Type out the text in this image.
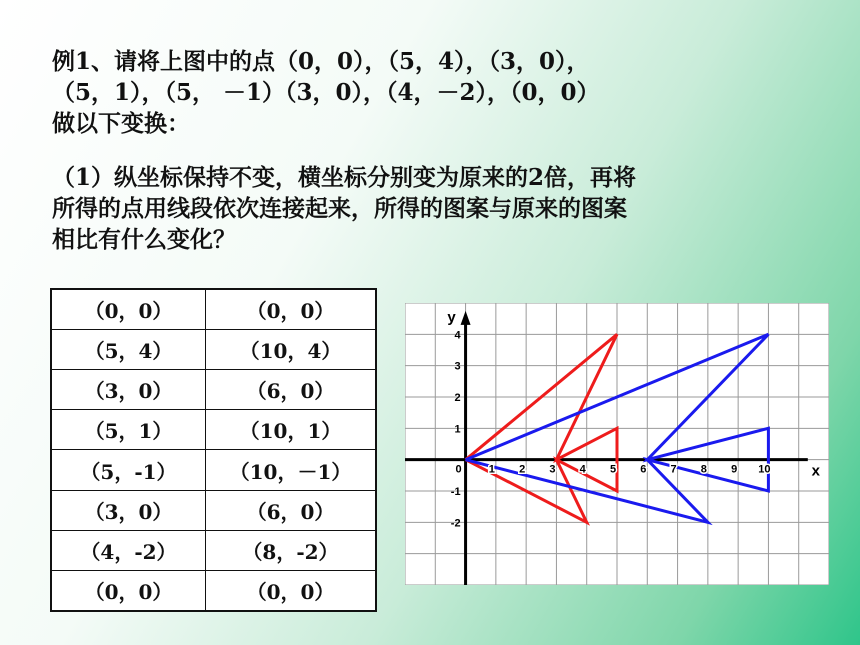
例1、请将上图中的点（0，0），（5，4），（3，0），
（5，1），（5， －1）（3，0），（4，－2），（0，0）
做以下变换：
（1）纵坐标保持不变，横坐标分别变为原来的2倍，再将
所得的点用线段依次连接起来，所得的图案与原来的图案
相比有什么变化？
（0，0）	（0，0）
（5，4）	（10，4）
（3，0）	（6，0）
（5，1）	（10，1）
（5，-1）	（10，－1）
（3，0）	（6，0）
（4，-2）	（8，-2）
（0，0）	（0，0）
0 1 2 3 4 5 6 7 8 9 10
4
3
2
1
-1
-2
x
y
